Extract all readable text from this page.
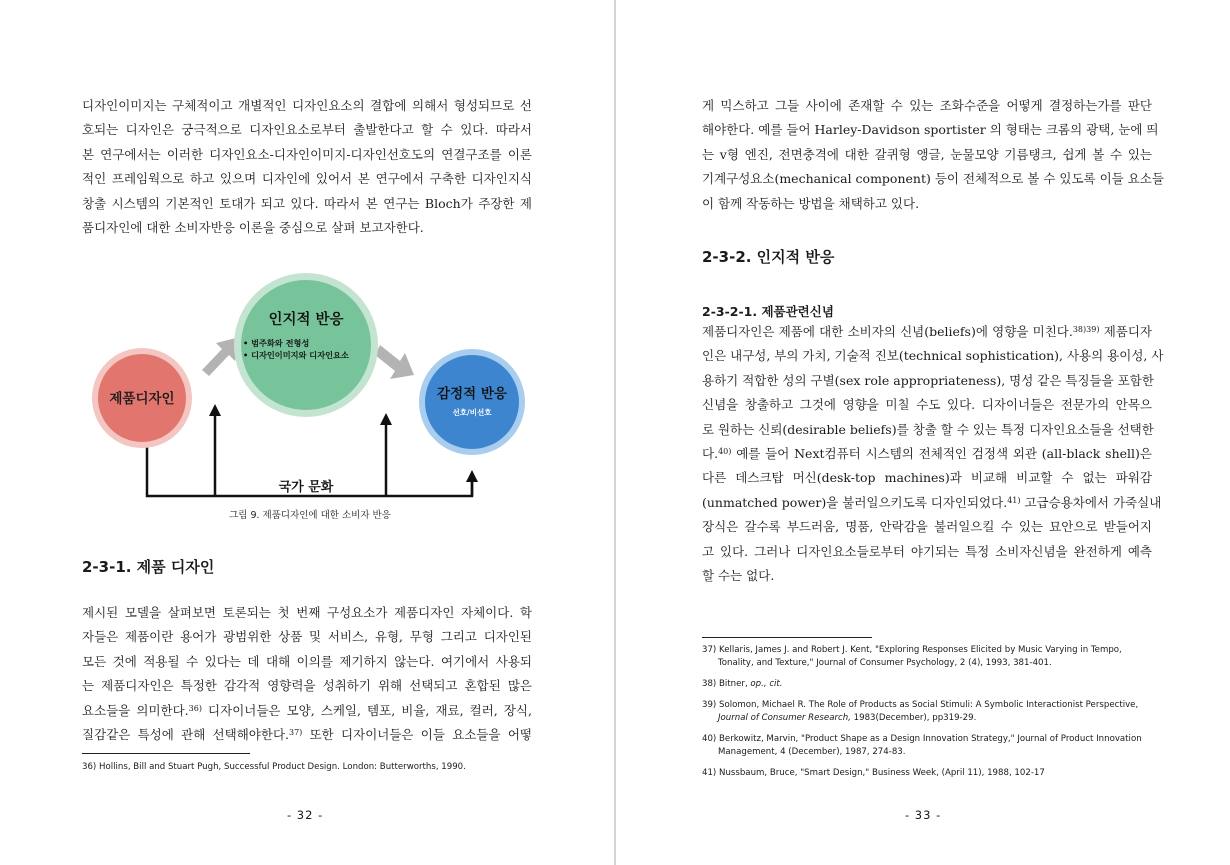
디자인이미지는 구체적이고 개별적인 디자인요소의 결합에 의해서 형성되므로 선
호되는 디자인은 궁극적으로 디자인요소로부터 출발한다고 할 수 있다. 따라서
본 연구에서는 이러한 디자인요소-디자인이미지-디자인선호도의 연결구조를 이론
적인 프레임웍으로 하고 있으며 디자인에 있어서 본 연구에서 구축한 디자인지식
창출 시스템의 기본적인 토대가 되고 있다. 따라서 본 연구는 Bloch가 주장한 제
품디자인에 대한 소비자반응 이론을 중심으로 살펴 보고자한다.
국가 문화
제품디자인
인지적 반응
• 범주화와 전형성
• 디자인이미지와 디자인요소
감정적 반응
선호/비선호
그림 9. 제품디자인에 대한 소비자 반응
2-3-1. 제품 디자인
제시된 모델을 살펴보면 토론되는 첫 번째 구성요소가 제품디자인 자체이다. 학
자들은 제품이란 용어가 광범위한 상품 및 서비스, 유형, 무형 그리고 디자인된
모든 것에 적용될 수 있다는 데 대해 이의를 제기하지 않는다. 여기에서 사용되
는 제품디자인은 특정한 감각적 영향력을 성취하기 위해 선택되고 혼합된 많은
요소들을 의미한다.$^{36)}$ 디자이너들은 모양, 스케일, 템포, 비율, 재료, 컬러, 장식,
질감같은 특성에 관해 선택해야한다.$^{37)}$ 또한 디자이너들은 이들 요소들을 어떻
36) Hollins, Bill and Stuart Pugh, Successful Product Design. London: Butterworths, 1990.
- 32 -
게 믹스하고 그들 사이에 존재할 수 있는 조화수준을 어떻게 결정하는가를 판단
해야한다. 예를 들어 Harley-Davidson sportister 의 형태는 크롬의 광택, 눈에 띄
는 v형 엔진, 전면충격에 대한 갈퀴형 앵글, 눈물모양 기름탱크, 쉽게 볼 수 있는
기계구성요소(mechanical component) 등이 전체적으로 볼 수 있도록 이들 요소들
이 함께 작동하는 방법을 채택하고 있다.
2-3-2. 인지적 반응
2-3-2-1. 제품관련신념
제품디자인은 제품에 대한 소비자의 신념(beliefs)에 영향을 미친다.$^{38)39)}$ 제품디자
인은 내구성, 부의 가치, 기술적 진보(technical sophistication), 사용의 용이성, 사
용하기 적합한 성의 구별(sex role appropriateness), 명성 같은 특징들을 포함한
신념을 창출하고 그것에 영향을 미칠 수도 있다. 디자이너들은 전문가의 안목으
로 원하는 신뢰(desirable beliefs)를 창출 할 수 있는 특정 디자인요소들을 선택한
다.$^{40)}$ 예를 들어 Next컴퓨터 시스템의 전체적인 검정색 외관 (all-black shell)은
다른 데스크탑 머신(desk-top machines)과 비교해 비교할 수 없는 파워감
(unmatched power)을 불러일으키도록 디자인되었다.$^{41)}$ 고급승용차에서 가죽실내
장식은 갈수록 부드러움, 명품, 안락감을 불러일으킬 수 있는 묘안으로 받들어지
고 있다. 그러나 디자인요소들로부터 야기되는 특정 소비자신념을 완전하게 예측
할 수는 없다.
37) Kellaris, James J. and Robert J. Kent, "Exploring Responses Elicited by Music Varying in Tempo,
Tonality, and Texture," Journal of Consumer Psychology, 2 (4), 1993, 381-401.
38) Bitner, op., cit.
39) Solomon, Michael R. The Role of Products as Social Stimuli: A Symbolic Interactionist Perspective,
Journal of Consumer Research, 1983(December), pp319-29.
40) Berkowitz, Marvin, "Product Shape as a Design Innovation Strategy," Journal of Product Innovation
Management, 4 (December), 1987, 274-83.
41) Nussbaum, Bruce, "Smart Design," Business Week, (April 11), 1988, 102-17
- 33 -
